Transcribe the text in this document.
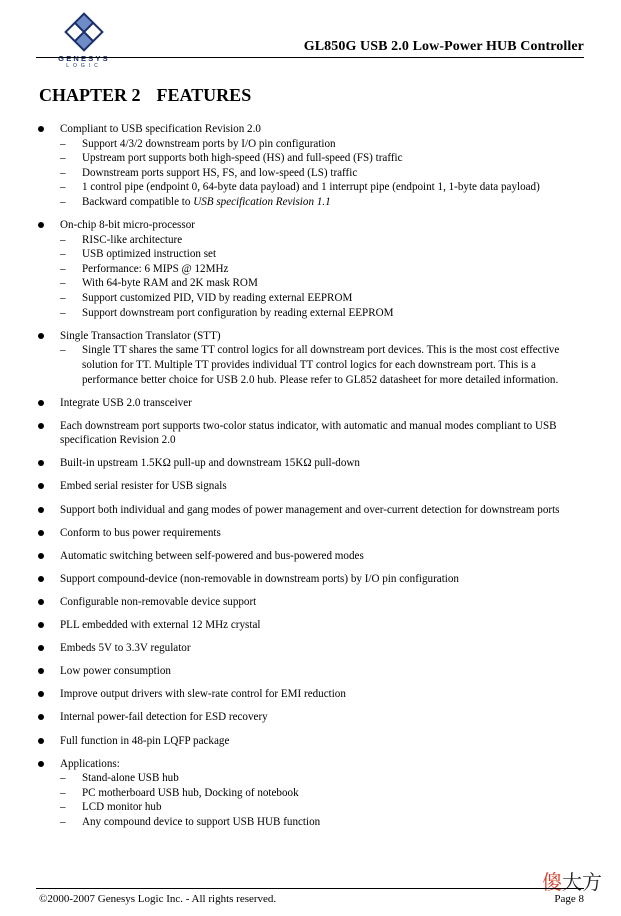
GENESYS
LOGIC
GL850G USB 2.0 Low-Power HUB Controller
CHAPTER 2 FEATURES
Compliant to USB specification Revision 2.0
– Support 4/3/2 downstream ports by I/O pin configuration
– Upstream port supports both high-speed (HS) and full-speed (FS) traffic
– Downstream ports support HS, FS, and low-speed (LS) traffic
– 1 control pipe (endpoint 0, 64-byte data payload) and 1 interrupt pipe (endpoint 1, 1-byte data payload)
– Backward compatible to USB specification Revision 1.1
On-chip 8-bit micro-processor
– RISC-like architecture
– USB optimized instruction set
– Performance: 6 MIPS @ 12MHz
– With 64-byte RAM and 2K mask ROM
– Support customized PID, VID by reading external EEPROM
– Support downstream port configuration by reading external EEPROM
Single Transaction Translator (STT)
– Single TT shares the same TT control logics for all downstream port devices. This is the most cost effective solution for TT. Multiple TT provides individual TT control logics for each downstream port. This is a performance better choice for USB 2.0 hub. Please refer to GL852 datasheet for more detailed information.
Integrate USB 2.0 transceiver
Each downstream port supports two-color status indicator, with automatic and manual modes compliant to USB specification Revision 2.0
Built-in upstream 1.5KΩ pull-up and downstream 15KΩ pull-down
Embed serial resister for USB signals
Support both individual and gang modes of power management and over-current detection for downstream ports
Conform to bus power requirements
Automatic switching between self-powered and bus-powered modes
Support compound-device (non-removable in downstream ports) by I/O pin configuration
Configurable non-removable device support
PLL embedded with external 12 MHz crystal
Embeds 5V to 3.3V regulator
Low power consumption
Improve output drivers with slew-rate control for EMI reduction
Internal power-fail detection for ESD recovery
Full function in 48-pin LQFP package
Applications:
– Stand-alone USB hub
– PC motherboard USB hub, Docking of notebook
– LCD monitor hub
– Any compound device to support USB HUB function
傻大方
©2000-2007 Genesys Logic Inc. - All rights reserved.	Page 8
